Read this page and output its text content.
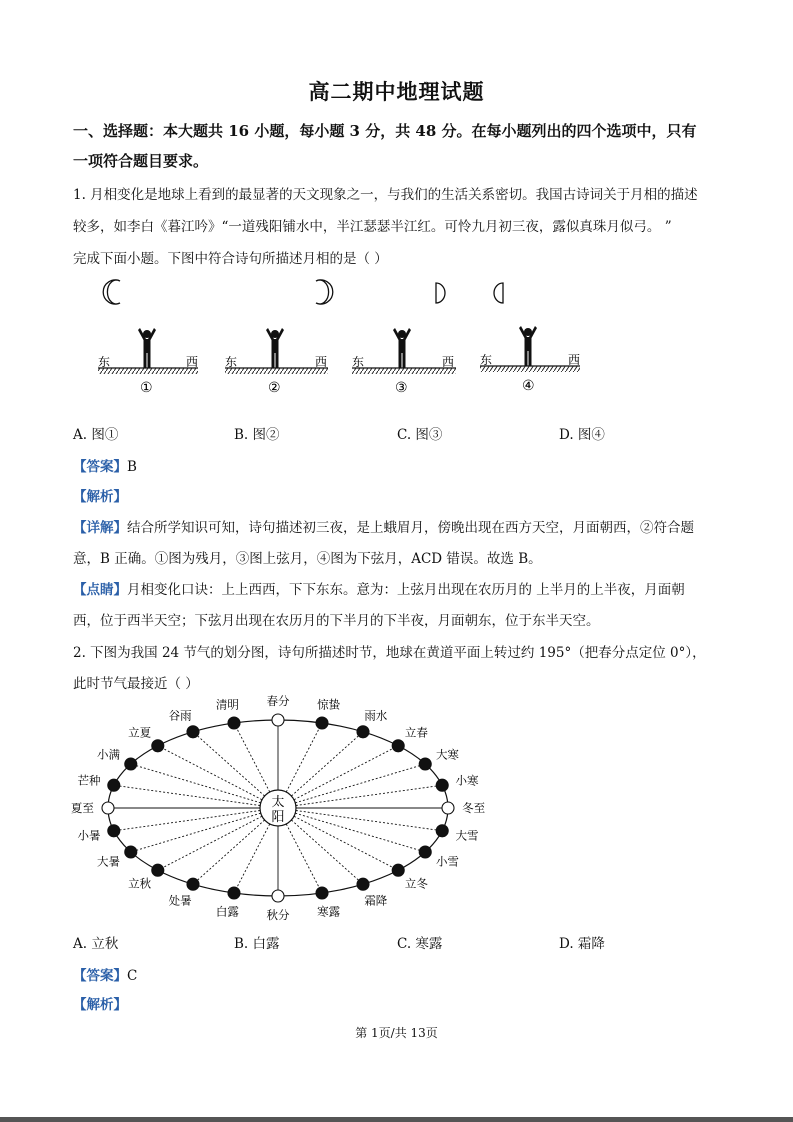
高二期中地理试题
一、选择题：本大题共 16 小题，每小题 3 分，共 48 分。在每小题列出的四个选项中，只有
一项符合题目要求。
1. 月相变化是地球上看到的最显著的天文现象之一，与我们的生活关系密切。我国古诗词关于月相的描述
较多，如李白《暮江吟》“一道残阳铺水中，半江瑟瑟半江红。可怜九月初三夜，露似真珠月似弓。 ”
完成下面小题。下图中符合诗句所描述月相的是（ ）
东	西
①
东	西
②
东	西
③
东	西
④
A. 图①	B. 图②	C. 图③	D. 图④
【答案】B
【解析】
【详解】结合所学知识可知，诗句描述初三夜，是上蛾眉月，傍晚出现在西方天空，月面朝西，②符合题
意，B 正确。①图为残月，③图上弦月，④图为下弦月，ACD 错误。故选 B。
【点睛】月相变化口诀：上上西西，下下东东。意为：上弦月出现在农历月的 上半月的上半夜，月面朝
西，位于西半天空；下弦月出现在农历月的下半月的下半夜，月面朝东，位于东半天空。
2. 下图为我国 24 节气的划分图，诗句所描述时节，地球在黄道平面上转过约 195°（把春分点定位 0°），
此时节气最接近（ ）
太
阳
春分 惊蛰
雨水
立春
大寒
小寒
冬至
大雪
小雪
立冬
霜降
寒露
秋分
白露
处暑
立秋
大暑
小暑
夏至
芒种
小满
立夏
谷雨
清明
A. 立秋	B. 白露	C. 寒露	D. 霜降
【答案】C
【解析】
第 1页/共 13页
